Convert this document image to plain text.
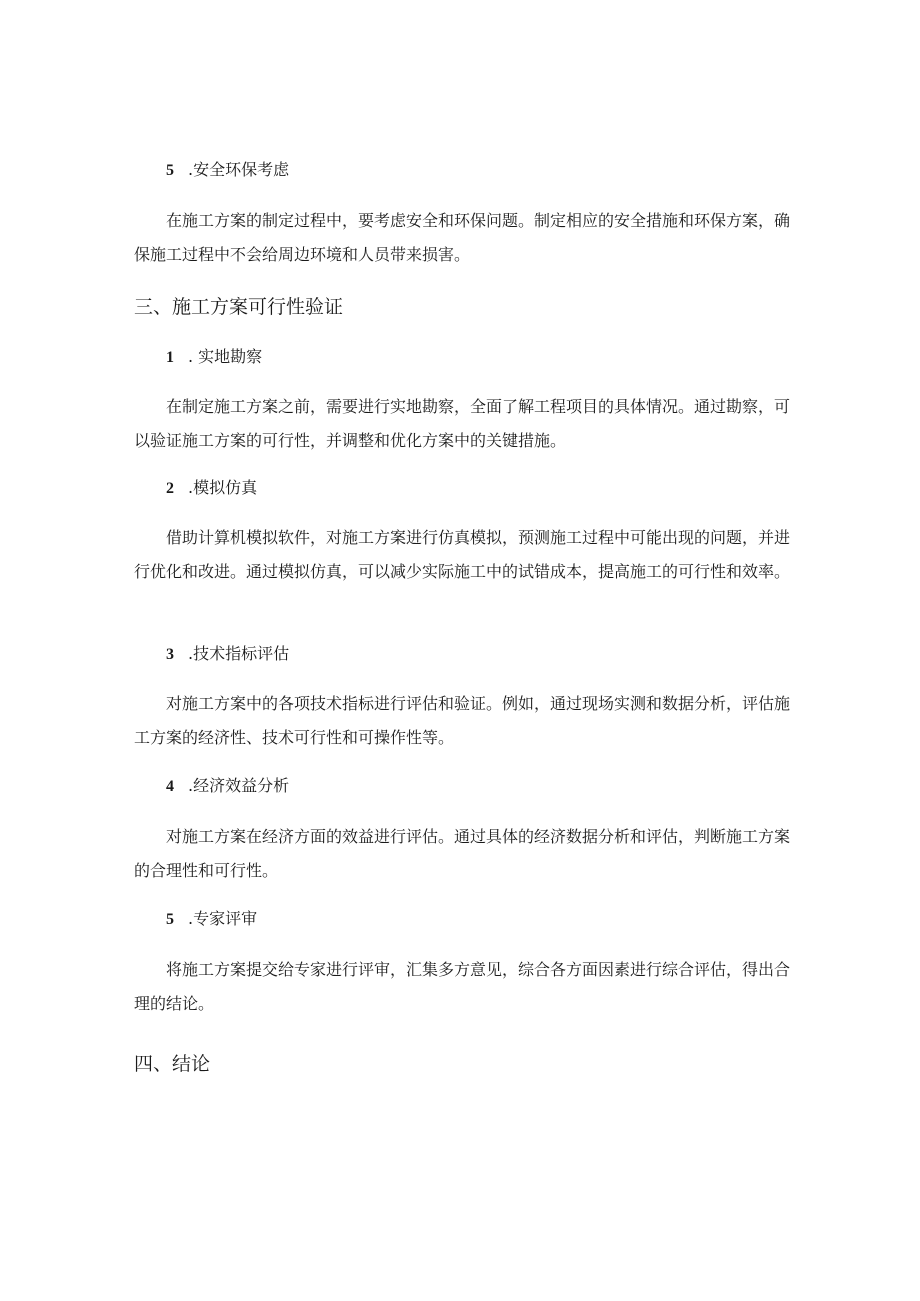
5 .安全环保考虑
在施工方案的制定过程中，要考虑安全和环保问题。制定相应的安全措施和环保方案，确保施工过程中不会给周边环境和人员带来损害。
三、施工方案可行性验证
1 . 实地勘察
在制定施工方案之前，需要进行实地勘察，全面了解工程项目的具体情况。通过勘察，可以验证施工方案的可行性，并调整和优化方案中的关键措施。
2 .模拟仿真
借助计算机模拟软件，对施工方案进行仿真模拟，预测施工过程中可能出现的问题，并进行优化和改进。通过模拟仿真，可以减少实际施工中的试错成本，提高施工的可行性和效率。
3 .技术指标评估
对施工方案中的各项技术指标进行评估和验证。例如，通过现场实测和数据分析，评估施工方案的经济性、技术可行性和可操作性等。
4 .经济效益分析
对施工方案在经济方面的效益进行评估。通过具体的经济数据分析和评估，判断施工方案的合理性和可行性。
5 .专家评审
将施工方案提交给专家进行评审，汇集多方意见，综合各方面因素进行综合评估，得出合理的结论。
四、结论
